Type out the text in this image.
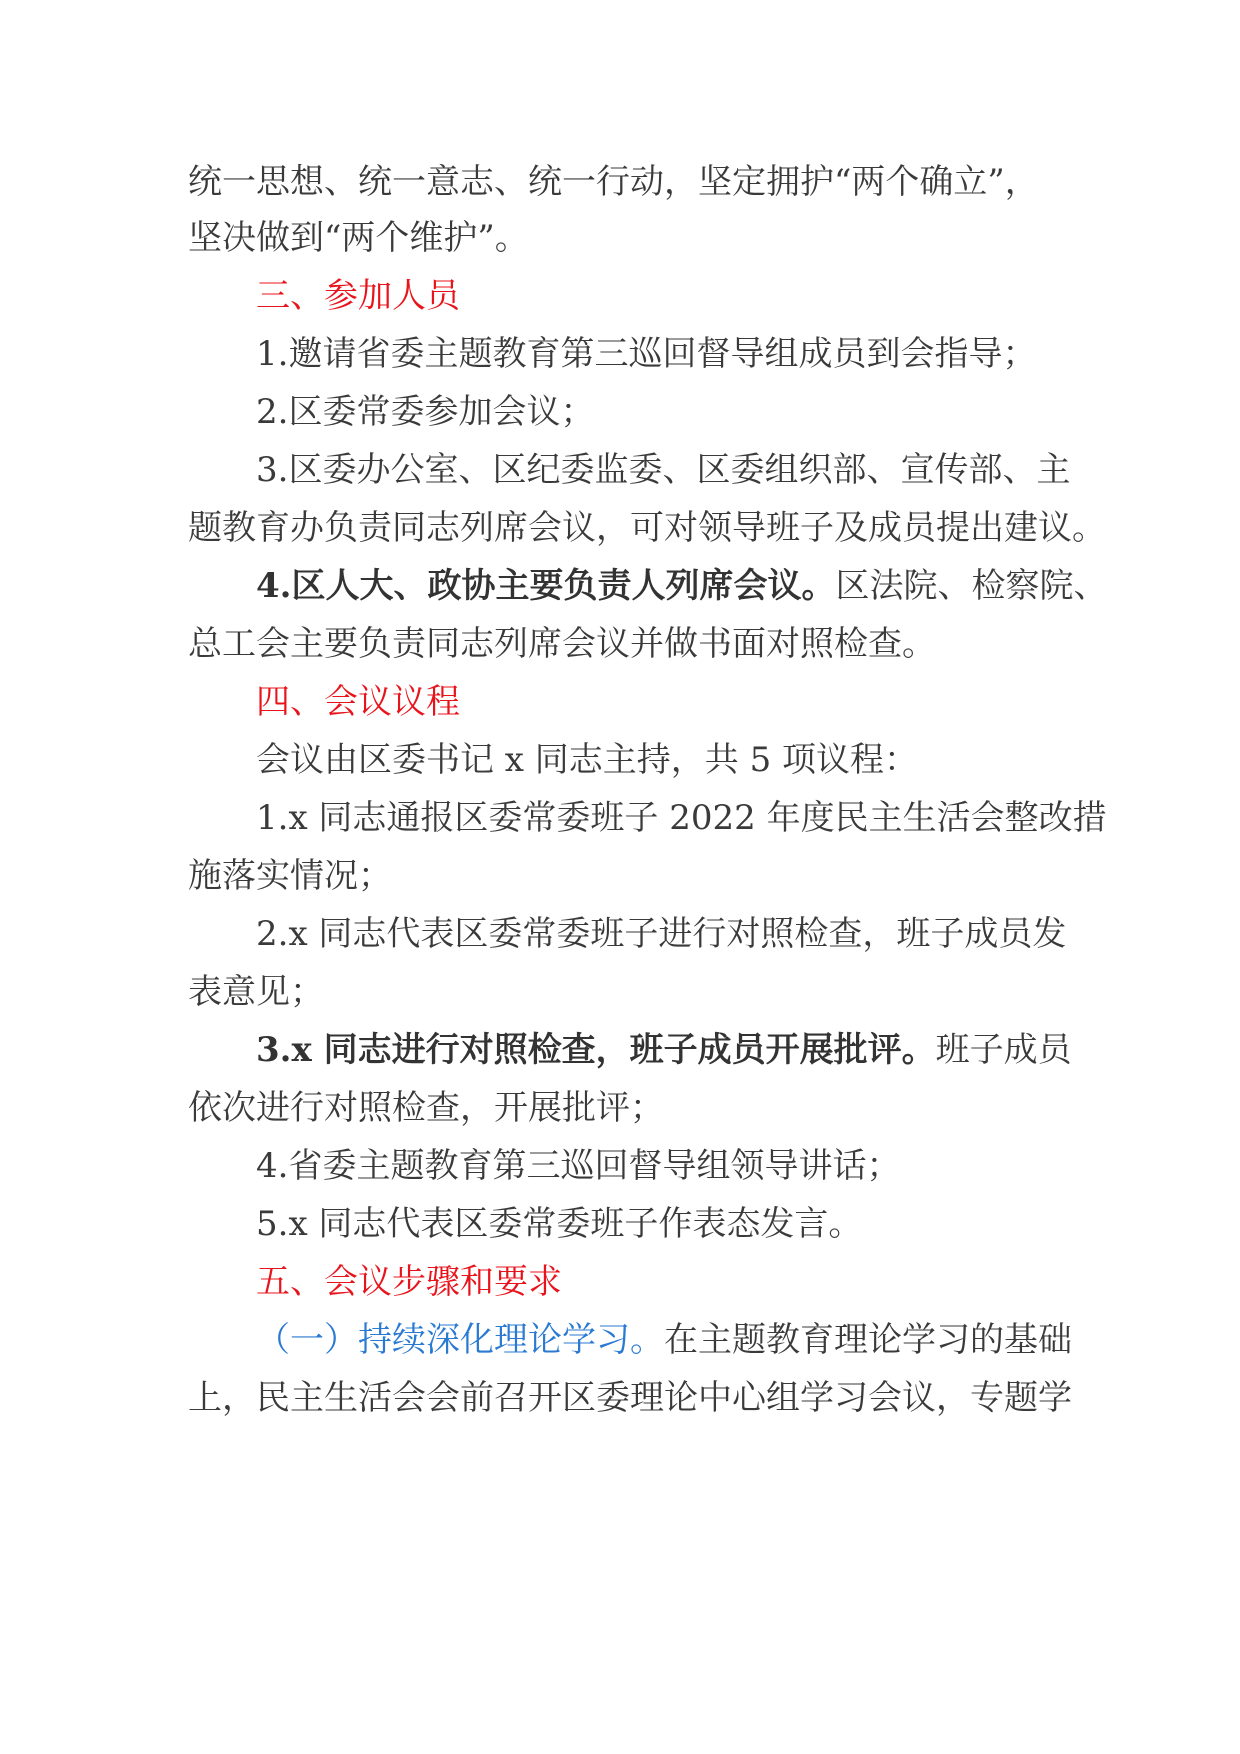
统一思想、统一意志、统一行动，坚定拥护“两个确立”，
坚决做到“两个维护”。
三、参加人员
1.邀请省委主题教育第三巡回督导组成员到会指导；
2.区委常委参加会议；
3.区委办公室、区纪委监委、区委组织部、宣传部、主
题教育办负责同志列席会议，可对领导班子及成员提出建议。
4.区人大、政协主要负责人列席会议。区法院、检察院、
总工会主要负责同志列席会议并做书面对照检查。
四、会议议程
会议由区委书记 x 同志主持，共 5 项议程：
1.x 同志通报区委常委班子 2022 年度民主生活会整改措
施落实情况；
2.x 同志代表区委常委班子进行对照检查，班子成员发
表意见；
3.x 同志进行对照检查，班子成员开展批评。班子成员
依次进行对照检查，开展批评；
4.省委主题教育第三巡回督导组领导讲话；
5.x 同志代表区委常委班子作表态发言。
五、会议步骤和要求
（一）持续深化理论学习。在主题教育理论学习的基础
上，民主生活会会前召开区委理论中心组学习会议，专题学
